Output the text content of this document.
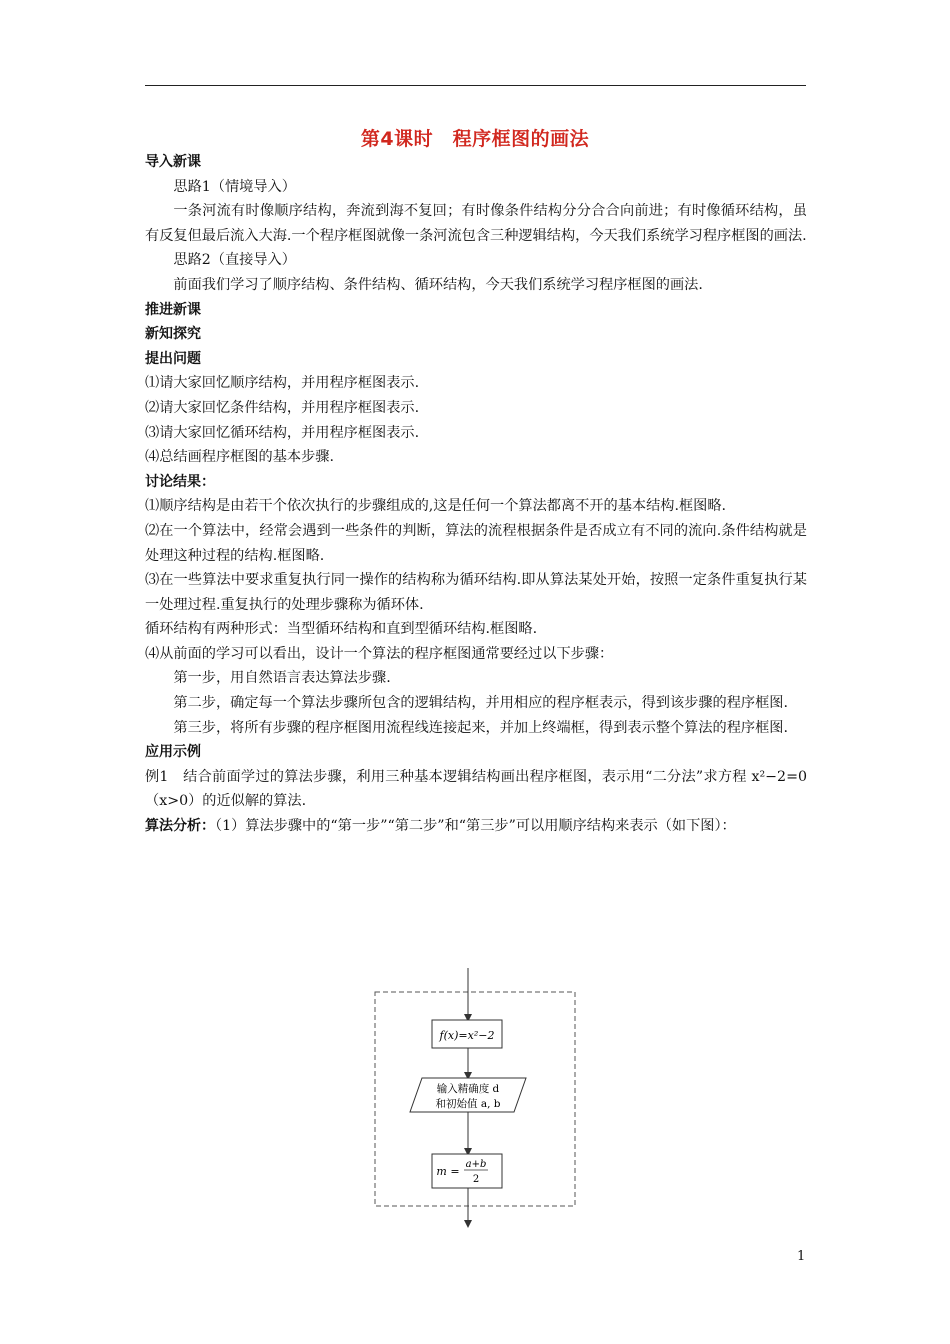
第4课时　程序框图的画法

导入新课

思路1（情境导入）

一条河流有时像顺序结构，奔流到海不复回；有时像条件结构分分合合向前进；有时像循环结构，虽有反复但最后流入大海.一个程序框图就像一条河流包含三种逻辑结构，今天我们系统学习程序框图的画法.

思路2（直接导入）

前面我们学习了顺序结构、条件结构、循环结构，今天我们系统学习程序框图的画法.

推进新课

新知探究

提出问题

⑴请大家回忆顺序结构，并用程序框图表示.

⑵请大家回忆条件结构，并用程序框图表示.

⑶请大家回忆循环结构，并用程序框图表示.

⑷总结画程序框图的基本步骤.

讨论结果：

⑴顺序结构是由若干个依次执行的步骤组成的,这是任何一个算法都离不开的基本结构.框图略.

⑵在一个算法中，经常会遇到一些条件的判断，算法的流程根据条件是否成立有不同的流向.条件结构就是处理这种过程的结构.框图略.

⑶在一些算法中要求重复执行同一操作的结构称为循环结构.即从算法某处开始，按照一定条件重复执行某一处理过程.重复执行的处理步骤称为循环体.

循环结构有两种形式：当型循环结构和直到型循环结构.框图略.

⑷从前面的学习可以看出，设计一个算法的程序框图通常要经过以下步骤：

第一步，用自然语言表达算法步骤.

第二步，确定每一个算法步骤所包含的逻辑结构，并用相应的程序框表示，得到该步骤的程序框图.

第三步，将所有步骤的程序框图用流程线连接起来，并加上终端框，得到表示整个算法的程序框图.

应用示例

例1　结合前面学过的算法步骤，利用三种基本逻辑结构画出程序框图，表示用“二分法”求方程 x²−2=0（x>0）的近似解的算法.

算法分析：（1）算法步骤中的“第一步”“第二步”和“第三步”可以用顺序结构来表示（如下图）：

f(x)=x²−2
输入精确度 d
和初始值 a, b
m =
a+b
2
1
